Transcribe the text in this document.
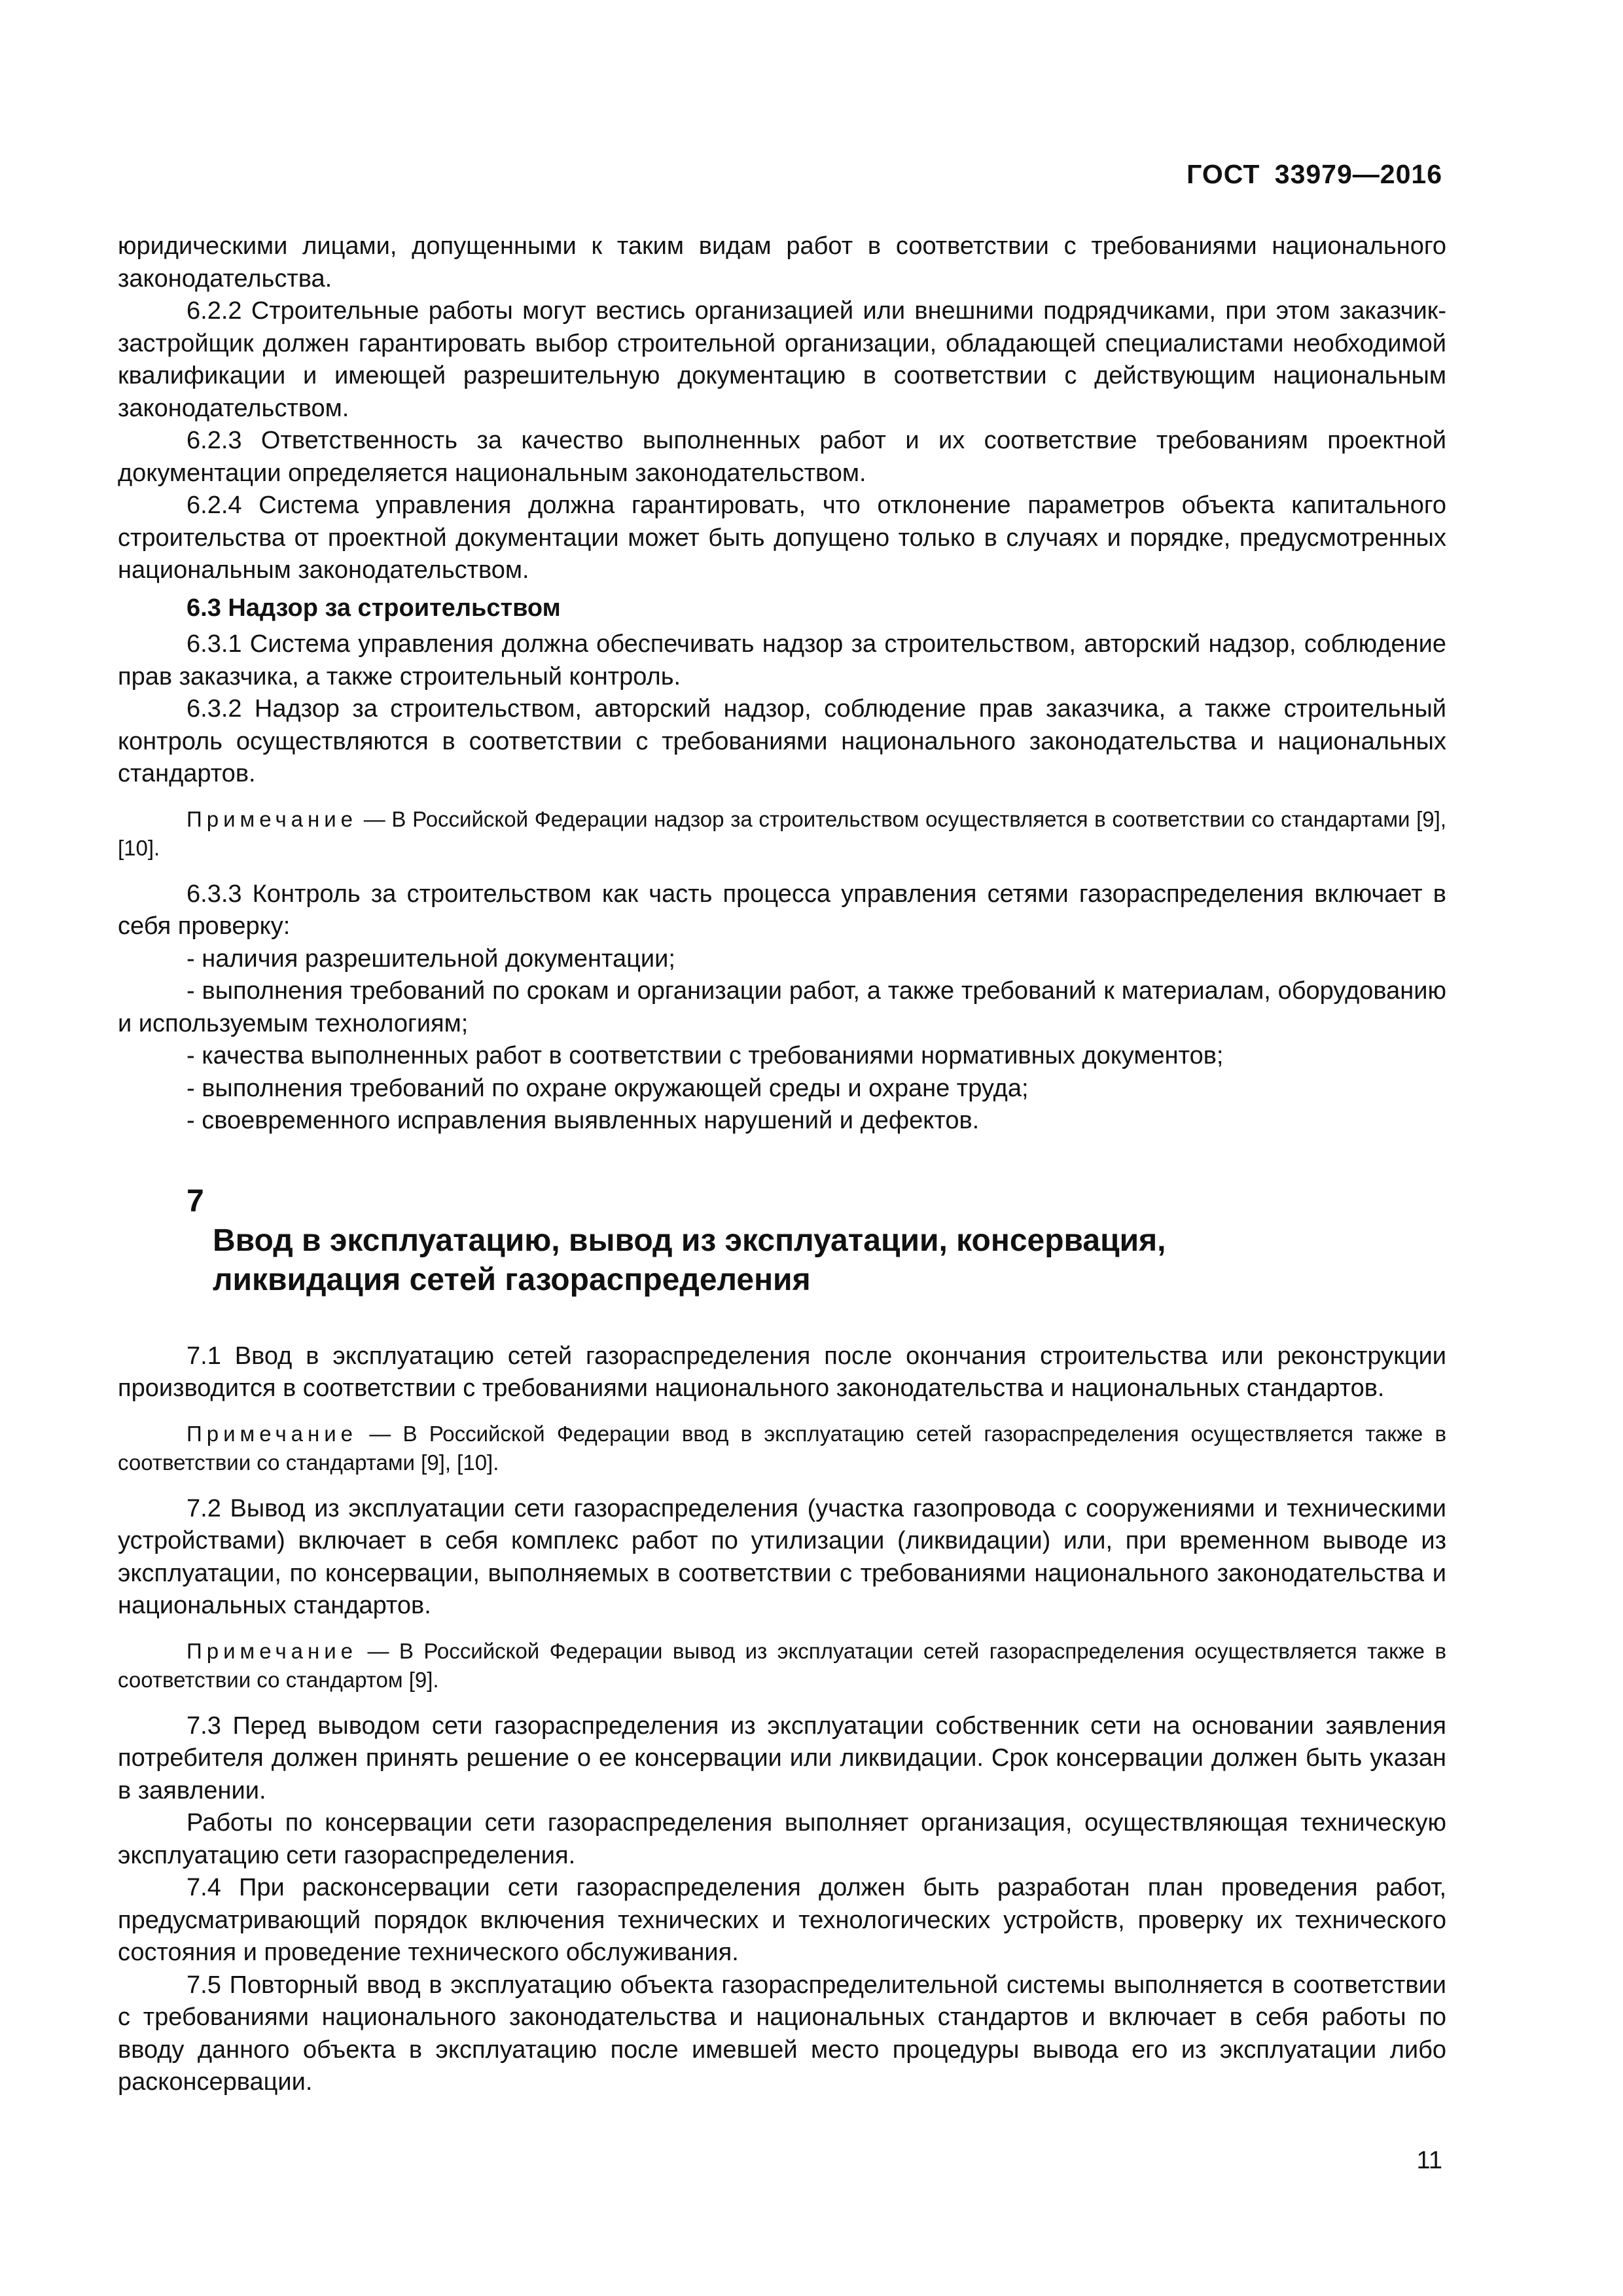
ГОСТ 33979—2016

юридическими лицами, допущенными к таким видам работ в соответствии с требованиями национального законодательства.

6.2.2 Строительные работы могут вестись организацией или внешними подрядчиками, при этом заказчик-застройщик должен гарантировать выбор строительной организации, обладающей специалистами необходимой квалификации и имеющей разрешительную документацию в соответствии с действующим национальным законодательством.

6.2.3 Ответственность за качество выполненных работ и их соответствие требованиям проектной документации определяется национальным законодательством.

6.2.4 Система управления должна гарантировать, что отклонение параметров объекта капитального строительства от проектной документации может быть допущено только в случаях и порядке, предусмотренных национальным законодательством.

6.3 Надзор за строительством

6.3.1 Система управления должна обеспечивать надзор за строительством, авторский надзор, соблюдение прав заказчика, а также строительный контроль.

6.3.2 Надзор за строительством, авторский надзор, соблюдение прав заказчика, а также строительный контроль осуществляются в соответствии с требованиями национального законодательства и национальных стандартов.

Примечание — В Российской Федерации надзор за строительством осуществляется в соответствии со стандартами [9], [10].

6.3.3 Контроль за строительством как часть процесса управления сетями газораспределения включает в себя проверку:

- наличия разрешительной документации;

- выполнения требований по срокам и организации работ, а также требований к материалам, оборудованию и используемым технологиям;

- качества выполненных работ в соответствии с требованиями нормативных документов;

- выполнения требований по охране окружающей среды и охране труда;

- своевременного исправления выявленных нарушений и дефектов.

7
Ввод в эксплуатацию, вывод из эксплуатации, консервация,
ликвидация сетей газораспределения

7.1 Ввод в эксплуатацию сетей газораспределения после окончания строительства или реконструкции производится в соответствии с требованиями национального законодательства и национальных стандартов.

Примечание — В Российской Федерации ввод в эксплуатацию сетей газораспределения осуществляется также в соответствии со стандартами [9], [10].

7.2 Вывод из эксплуатации сети газораспределения (участка газопровода с сооружениями и техническими устройствами) включает в себя комплекс работ по утилизации (ликвидации) или, при временном выводе из эксплуатации, по консервации, выполняемых в соответствии с требованиями национального законодательства и национальных стандартов.

Примечание — В Российской Федерации вывод из эксплуатации сетей газораспределения осуществляется также в соответствии со стандартом [9].

7.3 Перед выводом сети газораспределения из эксплуатации собственник сети на основании заявления потребителя должен принять решение о ее консервации или ликвидации. Срок консервации должен быть указан в заявлении.

Работы по консервации сети газораспределения выполняет организация, осуществляющая техническую эксплуатацию сети газораспределения.

7.4 При расконсервации сети газораспределения должен быть разработан план проведения работ, предусматривающий порядок включения технических и технологических устройств, проверку их технического состояния и проведение технического обслуживания.

7.5 Повторный ввод в эксплуатацию объекта газораспределительной системы выполняется в соответствии с требованиями национального законодательства и национальных стандартов и включает в себя работы по вводу данного объекта в эксплуатацию после имевшей место процедуры вывода его из эксплуатации либо расконсервации.

11
